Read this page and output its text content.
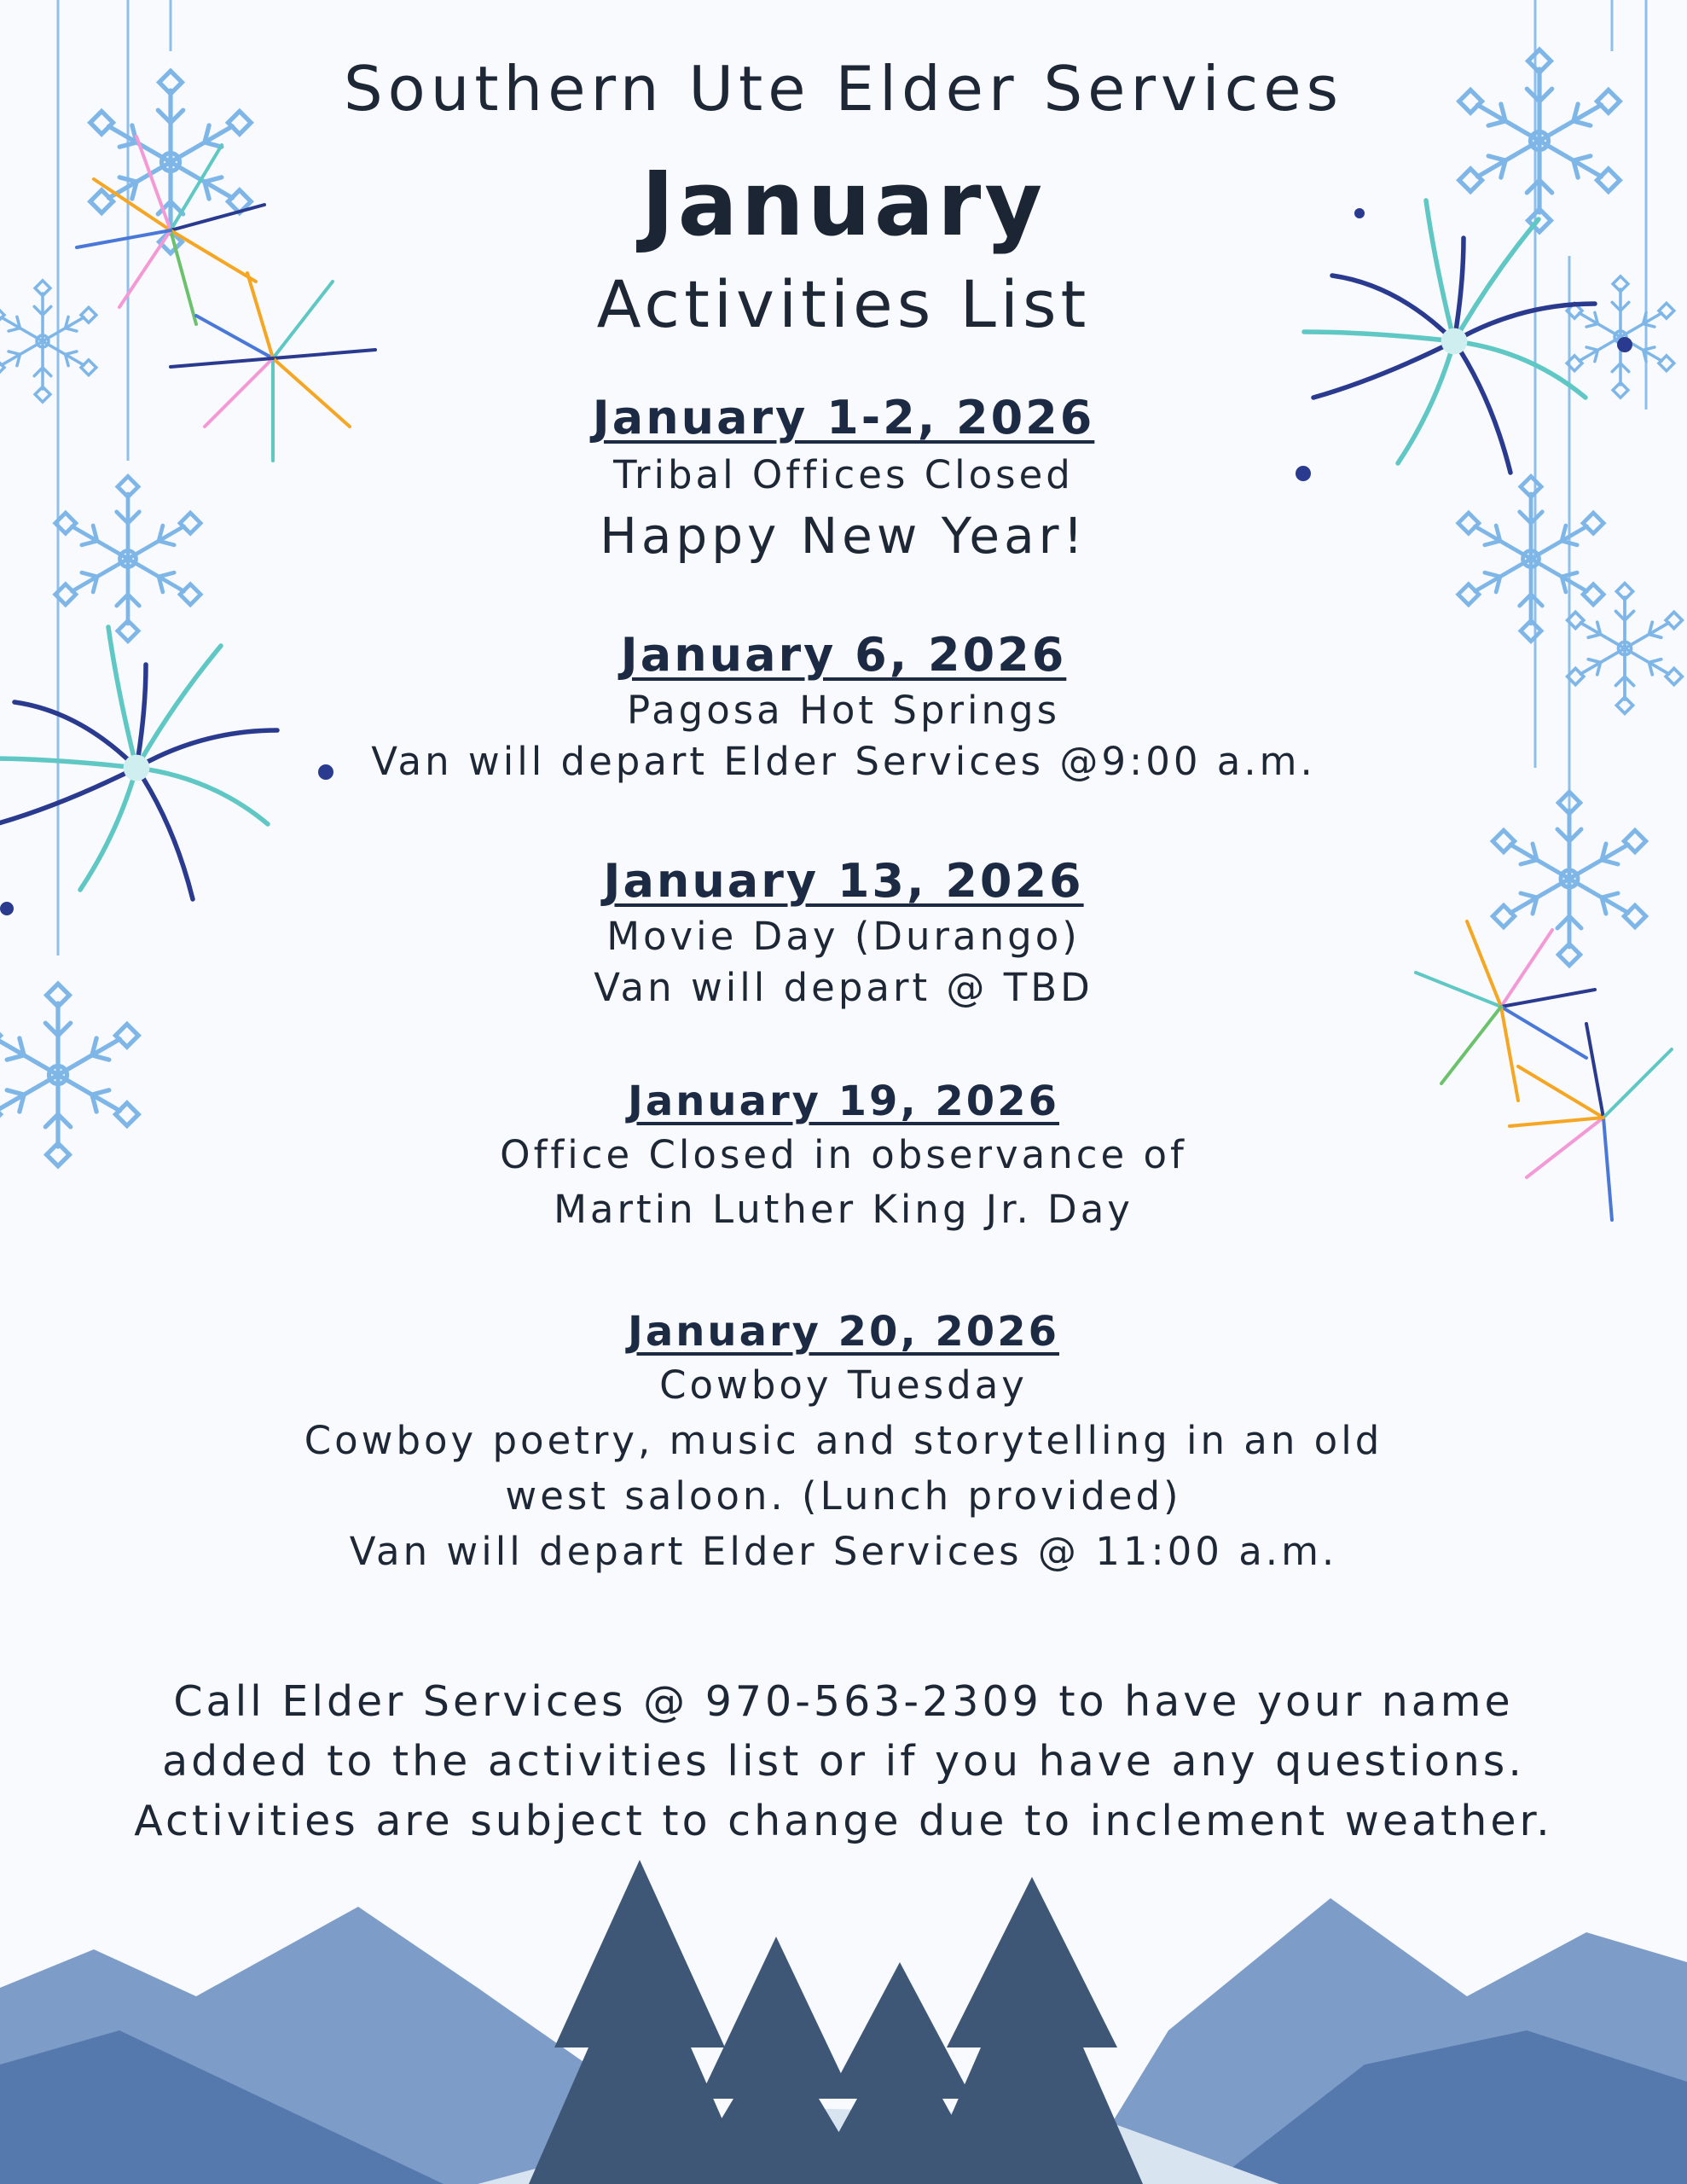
Southern Ute Elder Services

January

Activities List

January 1-2, 2026

Tribal Offices Closed

Happy New Year!

January 6, 2026

Pagosa Hot Springs

Van will depart Elder Services @9:00 a.m.

January 13, 2026

Movie Day (Durango)

Van will depart @ TBD

January 19, 2026

Office Closed in observance of

Martin Luther King Jr. Day

January 20, 2026

Cowboy Tuesday

Cowboy poetry, music and storytelling in an old

west saloon. (Lunch provided)

Van will depart Elder Services @ 11:00 a.m.

Call Elder Services @ 970-563-2309 to have your name

added to the activities list or if you have any questions.

Activities are subject to change due to inclement weather.
